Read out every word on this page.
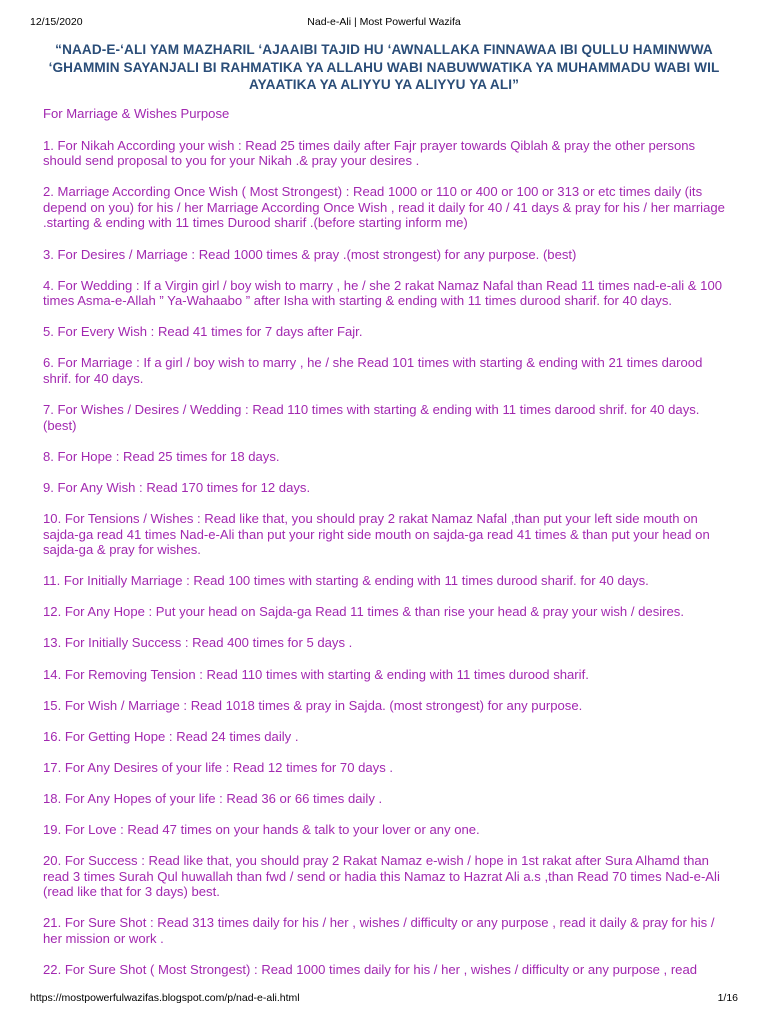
12/15/2020	Nad-e-Ali | Most Powerful Wazifa
“NAAD-E-‘ALI YAM MAZHARIL ‘AJAAIBI TAJID HU ‘AWNALLAKA FINNAWAA IBI QULLU HAMINWWA ‘GHAMMIN SAYANJALI BI RAHMATIKA YA ALLAHU WABI NABUWWATIKA YA MUHAMMADU WABI WIL AYAATIKA YA ALIYYU YA ALIYYU YA ALI”

For Marriage & Wishes Purpose

1. For Nikah According your wish : Read 25 times daily after Fajr prayer towards Qiblah & pray the other persons should send proposal to you for your Nikah .& pray your desires .

2. Marriage According Once Wish ( Most Strongest) : Read 1000 or 110 or 400 or 100 or 313 or etc times daily (its depend on you) for his / her Marriage According Once Wish , read it daily for 40 / 41 days & pray for his / her marriage .starting & ending with 11 times Durood sharif .(before starting inform me)

3. For Desires / Marriage : Read 1000 times & pray .(most strongest) for any purpose. (best)

4. For Wedding : If a Virgin girl / boy wish to marry , he / she 2 rakat Namaz Nafal than Read 11 times nad-e-ali & 100 times Asma-e-Allah ” Ya-Wahaabo ” after Isha with starting & ending with 11 times durood sharif. for 40 days.

5. For Every Wish : Read 41 times for 7 days after Fajr.

6. For Marriage : If a girl / boy wish to marry , he / she Read 101 times with starting & ending with 21 times darood shrif. for 40 days.

7. For Wishes / Desires / Wedding : Read 110 times with starting & ending with 11 times darood shrif. for 40 days. (best)

8. For Hope : Read 25 times for 18 days.

9. For Any Wish : Read 170 times for 12 days.

10. For Tensions / Wishes : Read like that, you should pray 2 rakat Namaz Nafal ,than put your left side mouth on sajda-ga read 41 times Nad-e-Ali than put your right side mouth on sajda-ga read 41 times & than put your head on sajda-ga & pray for wishes.

11. For Initially Marriage : Read 100 times with starting & ending with 11 times durood sharif. for 40 days.

12. For Any Hope : Put your head on Sajda-ga Read 11 times & than rise your head & pray your wish / desires.

13. For Initially Success : Read 400 times for 5 days .

14. For Removing Tension : Read 110 times with starting & ending with 11 times durood sharif.

15. For Wish / Marriage : Read 1018 times & pray in Sajda. (most strongest) for any purpose.

16. For Getting Hope : Read 24 times daily .

17. For Any Desires of your life : Read 12 times for 70 days .

18. For Any Hopes of your life : Read 36 or 66 times daily .

19. For Love : Read 47 times on your hands & talk to your lover or any one.

20. For Success : Read like that, you should pray 2 Rakat Namaz e-wish / hope in 1st rakat after Sura Alhamd than read 3 times Surah Qul huwallah than fwd / send or hadia this Namaz to Hazrat Ali a.s ,than Read 70 times Nad-e-Ali (read like that for 3 days) best.

21. For Sure Shot : Read 313 times daily for his / her , wishes / difficulty or any purpose , read it daily & pray for his / her mission or work .

22. For Sure Shot ( Most Strongest) : Read 1000 times daily for his / her , wishes / difficulty or any purpose , read

https://mostpowerfulwazifas.blogspot.com/p/nad-e-ali.html	1/16
